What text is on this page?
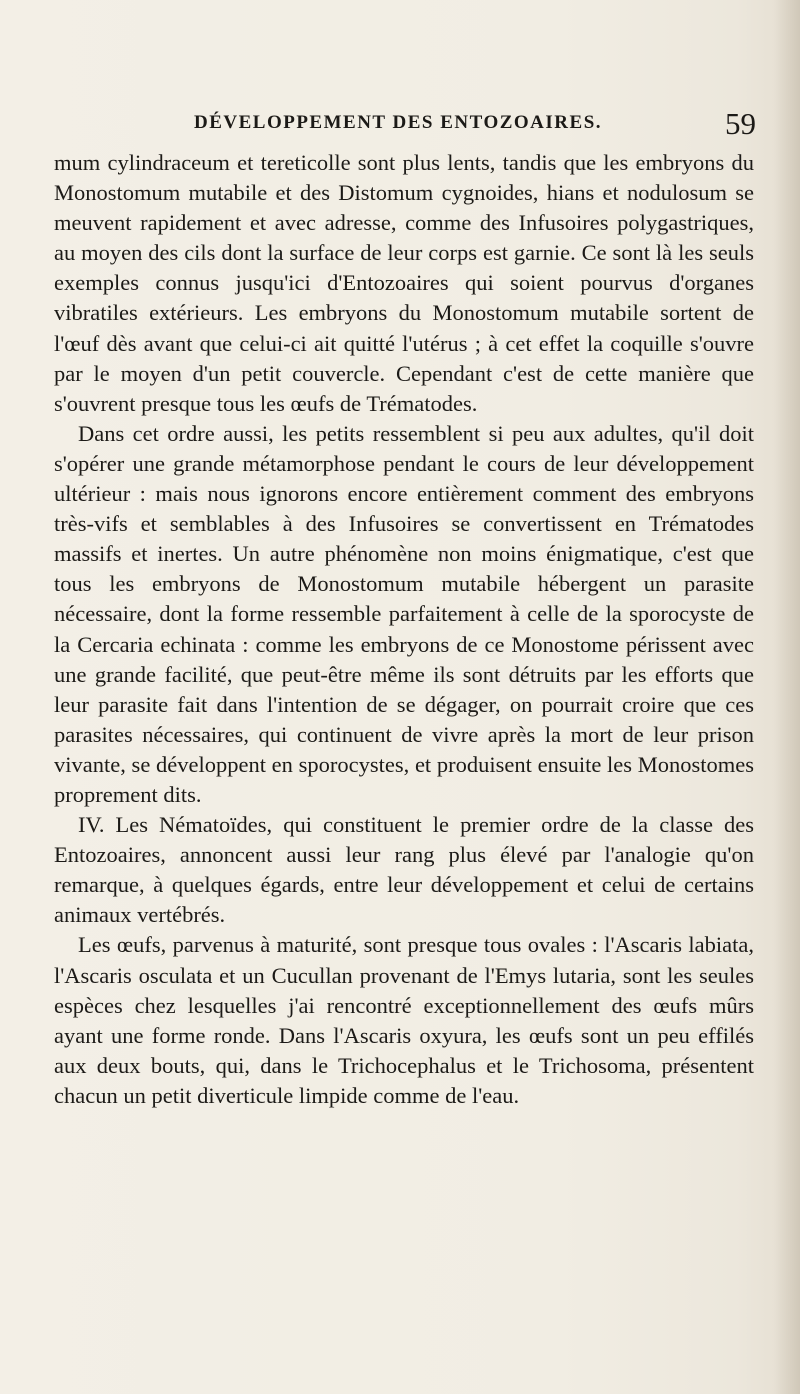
DÉVELOPPEMENT DES ENTOZOAIRES.	59

mum cylindraceum et tereticolle sont plus lents, tandis que les embryons du Monostomum mutabile et des Distomum cygnoides, hians et nodulosum se meuvent rapidement et avec adresse, comme des Infusoires polygastriques, au moyen des cils dont la surface de leur corps est garnie. Ce sont là les seuls exemples connus jusqu'ici d'Entozoaires qui soient pourvus d'organes vibratiles extérieurs. Les embryons du Monostomum mutabile sortent de l'œuf dès avant que celui-ci ait quitté l'utérus ; à cet effet la coquille s'ouvre par le moyen d'un petit couvercle. Cependant c'est de cette manière que s'ouvrent presque tous les œufs de Trématodes.

Dans cet ordre aussi, les petits ressemblent si peu aux adultes, qu'il doit s'opérer une grande métamorphose pendant le cours de leur développement ultérieur : mais nous ignorons encore entièrement comment des embryons très-vifs et semblables à des Infusoires se convertissent en Trématodes massifs et inertes. Un autre phénomène non moins énigmatique, c'est que tous les embryons de Monostomum mutabile hébergent un parasite nécessaire, dont la forme ressemble parfaitement à celle de la sporocyste de la Cercaria echinata : comme les embryons de ce Monostome périssent avec une grande facilité, que peut-être même ils sont détruits par les efforts que leur parasite fait dans l'intention de se dégager, on pourrait croire que ces parasites nécessaires, qui continuent de vivre après la mort de leur prison vivante, se développent en sporocystes, et produisent ensuite les Monostomes proprement dits.

IV. Les Nématoïdes, qui constituent le premier ordre de la classe des Entozoaires, annoncent aussi leur rang plus élevé par l'analogie qu'on remarque, à quelques égards, entre leur développement et celui de certains animaux vertébrés.

Les œufs, parvenus à maturité, sont presque tous ovales : l'Ascaris labiata, l'Ascaris osculata et un Cucullan provenant de l'Emys lutaria, sont les seules espèces chez lesquelles j'ai rencontré exceptionnellement des œufs mûrs ayant une forme ronde. Dans l'Ascaris oxyura, les œufs sont un peu effilés aux deux bouts, qui, dans le Trichocephalus et le Trichosoma, présentent chacun un petit diverticule limpide comme de l'eau.
